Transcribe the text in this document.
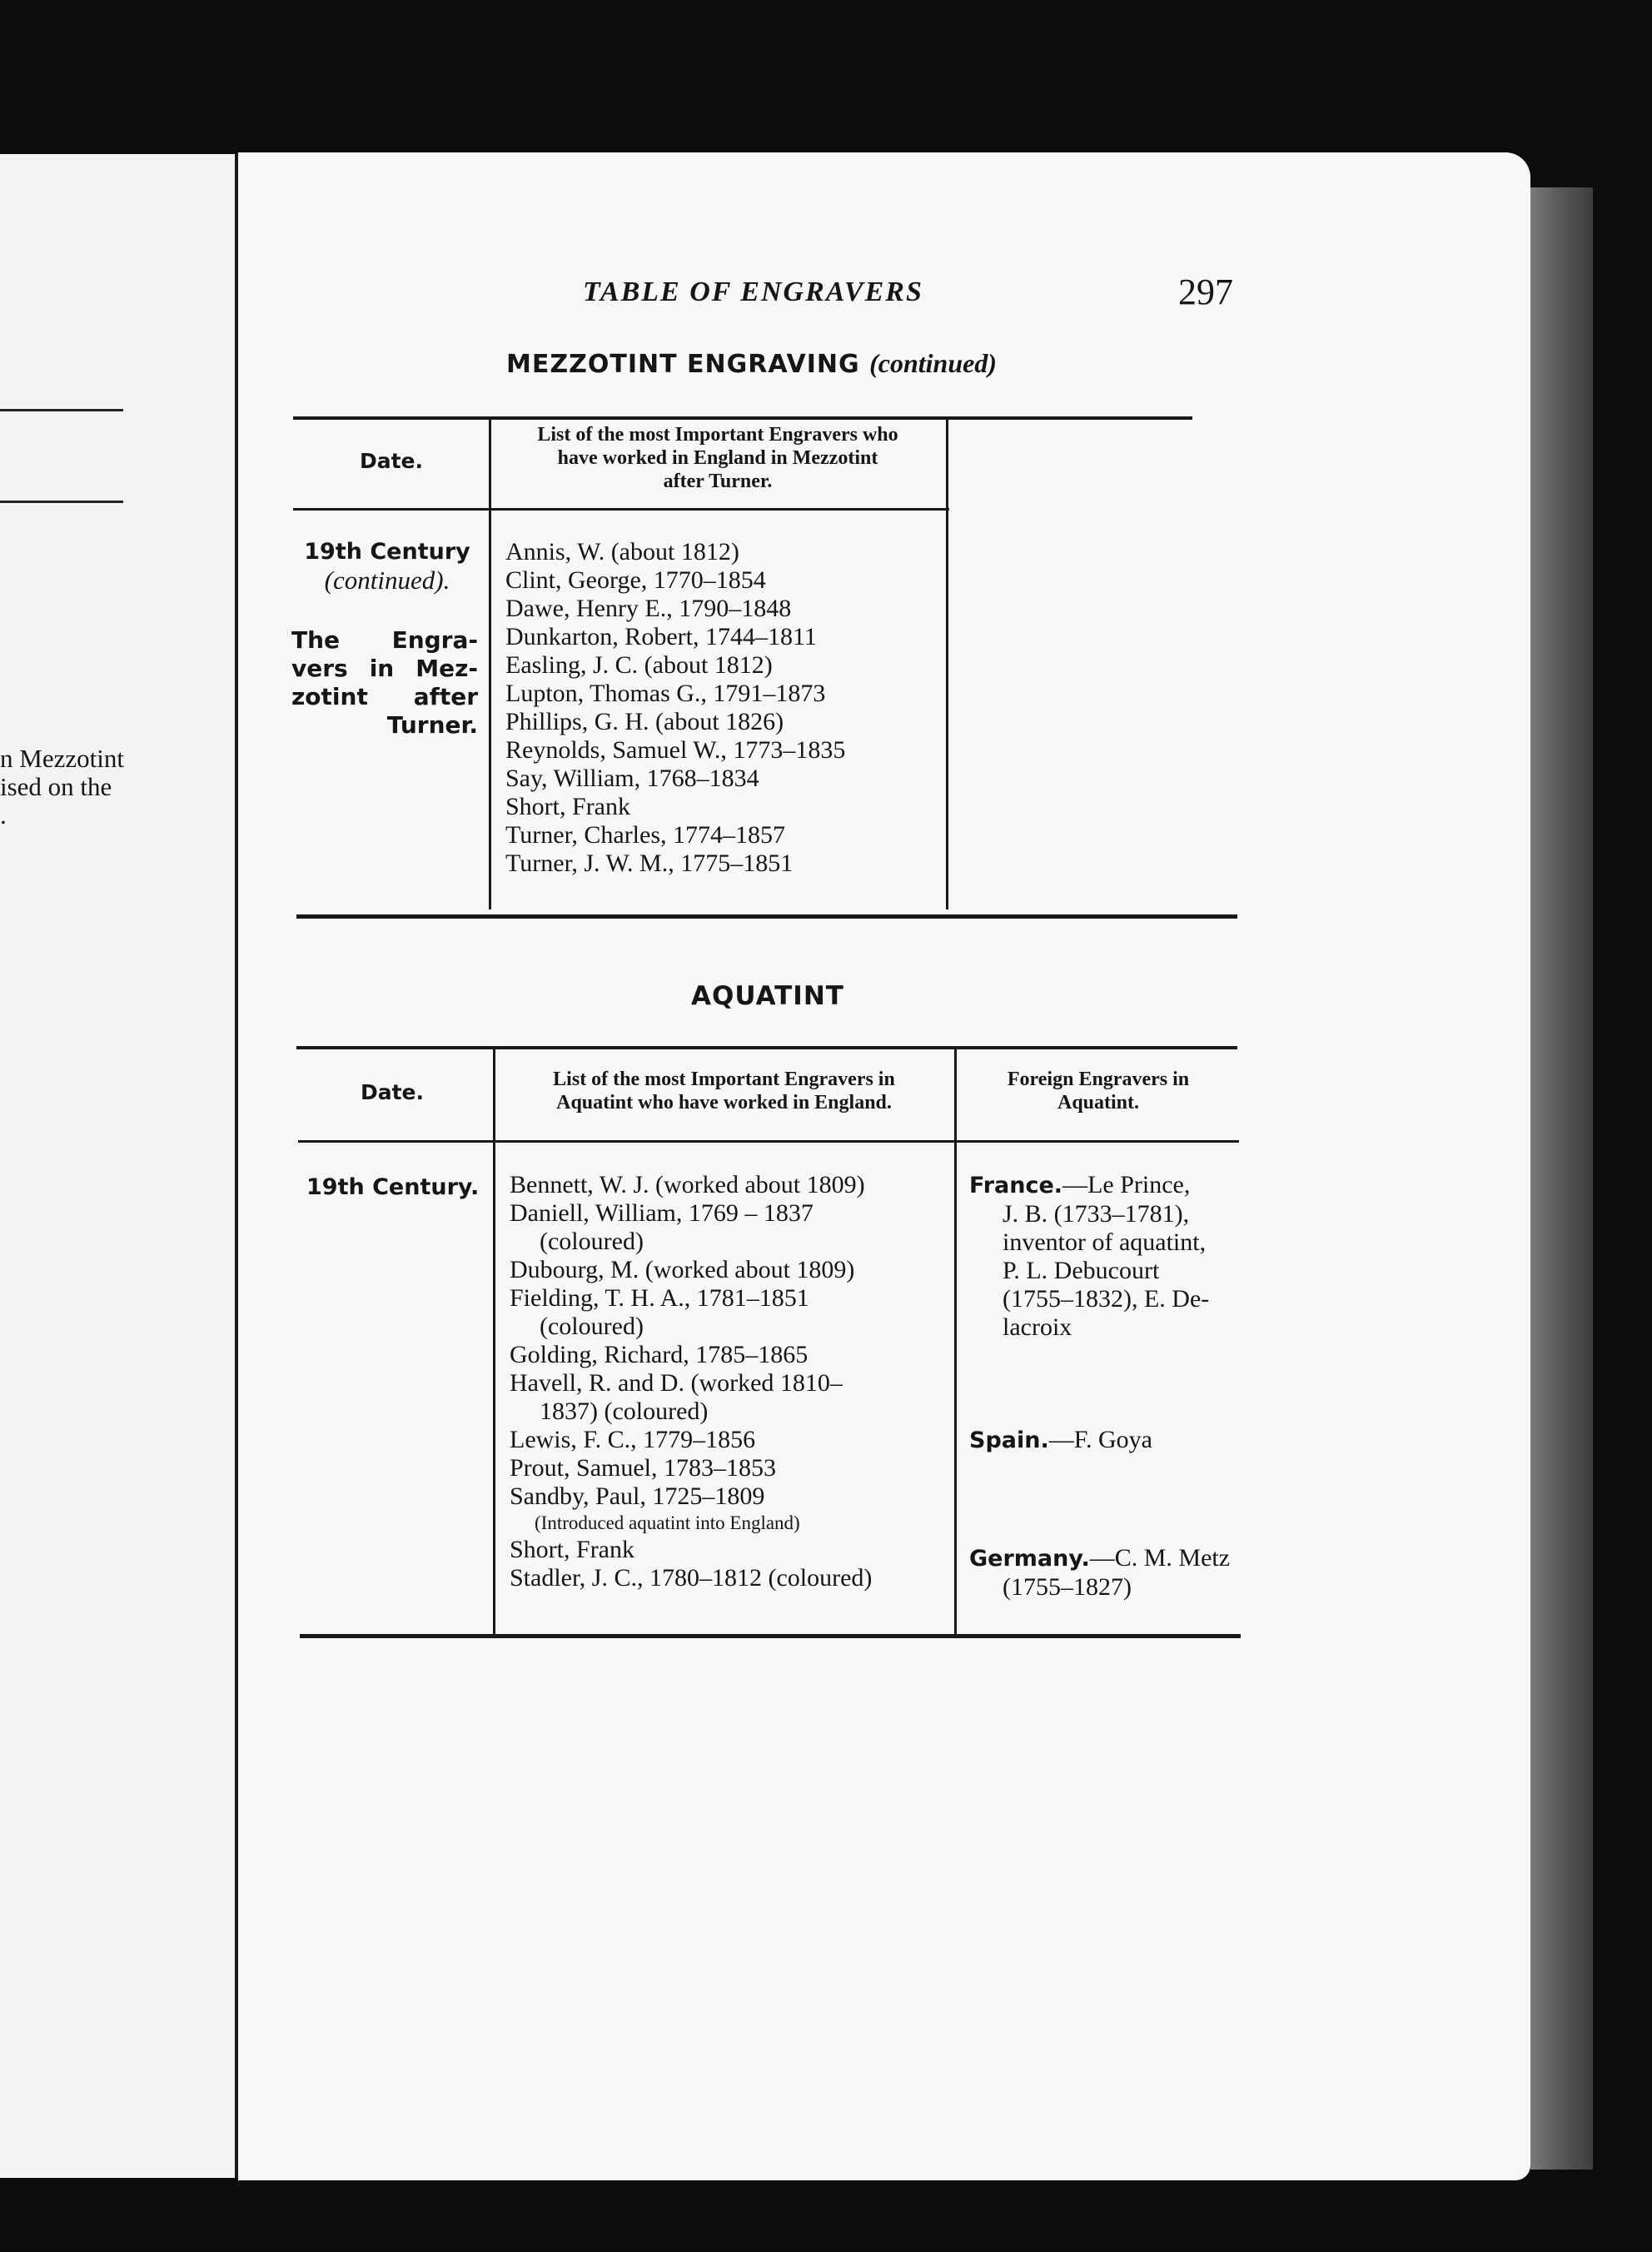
n Mezzotint
ised on the
.
TABLE OF ENGRAVERS	297
MEZZOTINT ENGRAVING (continued)
Date.
List of the most Important Engravers who
have worked in England in Mezzotint
after Turner.
19th Century
(continued).
The Engra-
vers in Mez-
zotint after
Turner.
Annis, W. (about 1812)
Clint, George, 1770–1854
Dawe, Henry E., 1790–1848
Dunkarton, Robert, 1744–1811
Easling, J. C. (about 1812)
Lupton, Thomas G., 1791–1873
Phillips, G. H. (about 1826)
Reynolds, Samuel W., 1773–1835
Say, William, 1768–1834
Short, Frank
Turner, Charles, 1774–1857
Turner, J. W. M., 1775–1851
AQUATINT
Date.
List of the most Important Engravers in
Aquatint who have worked in England.
Foreign Engravers in
Aquatint.
19th Century. Bennett, W. J. (worked about 1809)
Daniell, William, 1769 – 1837
(coloured)
Dubourg, M. (worked about 1809)
Fielding, T. H. A., 1781–1851
(coloured)
Golding, Richard, 1785–1865
Havell, R. and D. (worked 1810–
1837) (coloured)
Lewis, F. C., 1779–1856
Prout, Samuel, 1783–1853
Sandby, Paul, 1725–1809
(Introduced aquatint into England)
Short, Frank
Stadler, J. C., 1780–1812 (coloured)
France.—Le Prince,
J. B. (1733–1781),
inventor of aquatint,
P. L. Debucourt
(1755–1832), E. De-
lacroix
Spain.—F. Goya
Germany.—C. M. Metz
(1755–1827)
